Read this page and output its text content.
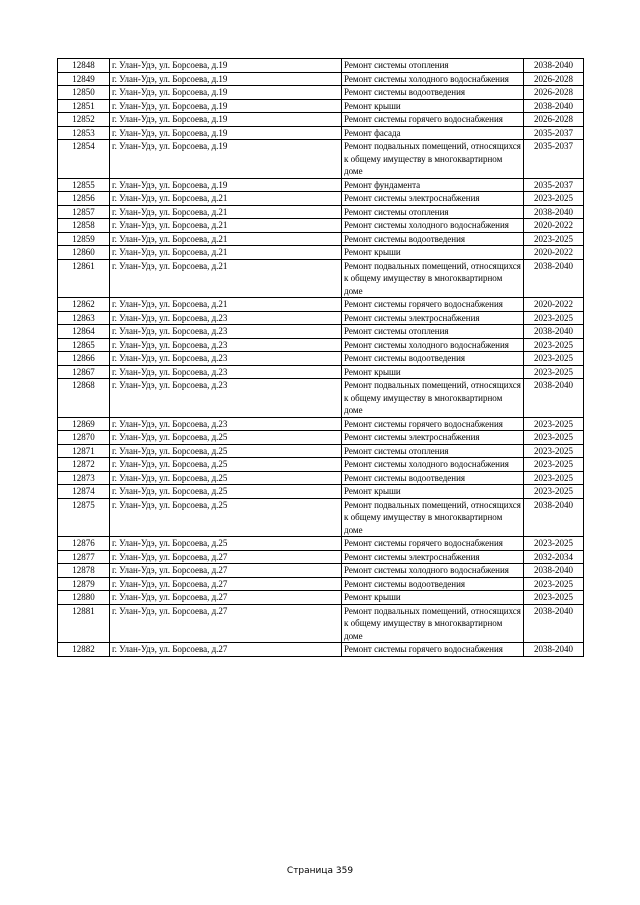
12848	г. Улан-Удэ, ул. Борсоева, д.19	Ремонт системы отопления	2038-2040
12849	г. Улан-Удэ, ул. Борсоева, д.19	Ремонт системы холодного водоснабжения	2026-2028
12850	г. Улан-Удэ, ул. Борсоева, д.19	Ремонт системы водоотведения	2026-2028
12851	г. Улан-Удэ, ул. Борсоева, д.19	Ремонт крыши	2038-2040
12852	г. Улан-Удэ, ул. Борсоева, д.19	Ремонт системы горячего водоснабжения	2026-2028
12853	г. Улан-Удэ, ул. Борсоева, д.19	Ремонт фасада	2035-2037
12854	г. Улан-Удэ, ул. Борсоева, д.19	Ремонт подвальных помещений, относящихся к общему имуществу в многоквартирном доме	2035-2037
12855	г. Улан-Удэ, ул. Борсоева, д.19	Ремонт фундамента	2035-2037
12856	г. Улан-Удэ, ул. Борсоева, д.21	Ремонт системы электроснабжения	2023-2025
12857	г. Улан-Удэ, ул. Борсоева, д.21	Ремонт системы отопления	2038-2040
12858	г. Улан-Удэ, ул. Борсоева, д.21	Ремонт системы холодного водоснабжения	2020-2022
12859	г. Улан-Удэ, ул. Борсоева, д.21	Ремонт системы водоотведения	2023-2025
12860	г. Улан-Удэ, ул. Борсоева, д.21	Ремонт крыши	2020-2022
12861	г. Улан-Удэ, ул. Борсоева, д.21	Ремонт подвальных помещений, относящихся к общему имуществу в многоквартирном доме	2038-2040
12862	г. Улан-Удэ, ул. Борсоева, д.21	Ремонт системы горячего водоснабжения	2020-2022
12863	г. Улан-Удэ, ул. Борсоева, д.23	Ремонт системы электроснабжения	2023-2025
12864	г. Улан-Удэ, ул. Борсоева, д.23	Ремонт системы отопления	2038-2040
12865	г. Улан-Удэ, ул. Борсоева, д.23	Ремонт системы холодного водоснабжения	2023-2025
12866	г. Улан-Удэ, ул. Борсоева, д.23	Ремонт системы водоотведения	2023-2025
12867	г. Улан-Удэ, ул. Борсоева, д.23	Ремонт крыши	2023-2025
12868	г. Улан-Удэ, ул. Борсоева, д.23	Ремонт подвальных помещений, относящихся к общему имуществу в многоквартирном доме	2038-2040
12869	г. Улан-Удэ, ул. Борсоева, д.23	Ремонт системы горячего водоснабжения	2023-2025
12870	г. Улан-Удэ, ул. Борсоева, д.25	Ремонт системы электроснабжения	2023-2025
12871	г. Улан-Удэ, ул. Борсоева, д.25	Ремонт системы отопления	2023-2025
12872	г. Улан-Удэ, ул. Борсоева, д.25	Ремонт системы холодного водоснабжения	2023-2025
12873	г. Улан-Удэ, ул. Борсоева, д.25	Ремонт системы водоотведения	2023-2025
12874	г. Улан-Удэ, ул. Борсоева, д.25	Ремонт крыши	2023-2025
12875	г. Улан-Удэ, ул. Борсоева, д.25	Ремонт подвальных помещений, относящихся к общему имуществу в многоквартирном доме	2038-2040
12876	г. Улан-Удэ, ул. Борсоева, д.25	Ремонт системы горячего водоснабжения	2023-2025
12877	г. Улан-Удэ, ул. Борсоева, д.27	Ремонт системы электроснабжения	2032-2034
12878	г. Улан-Удэ, ул. Борсоева, д.27	Ремонт системы холодного водоснабжения	2038-2040
12879	г. Улан-Удэ, ул. Борсоева, д.27	Ремонт системы водоотведения	2023-2025
12880	г. Улан-Удэ, ул. Борсоева, д.27	Ремонт крыши	2023-2025
12881	г. Улан-Удэ, ул. Борсоева, д.27	Ремонт подвальных помещений, относящихся к общему имуществу в многоквартирном доме	2038-2040
12882	г. Улан-Удэ, ул. Борсоева, д.27	Ремонт системы горячего водоснабжения	2038-2040
Страница 359
